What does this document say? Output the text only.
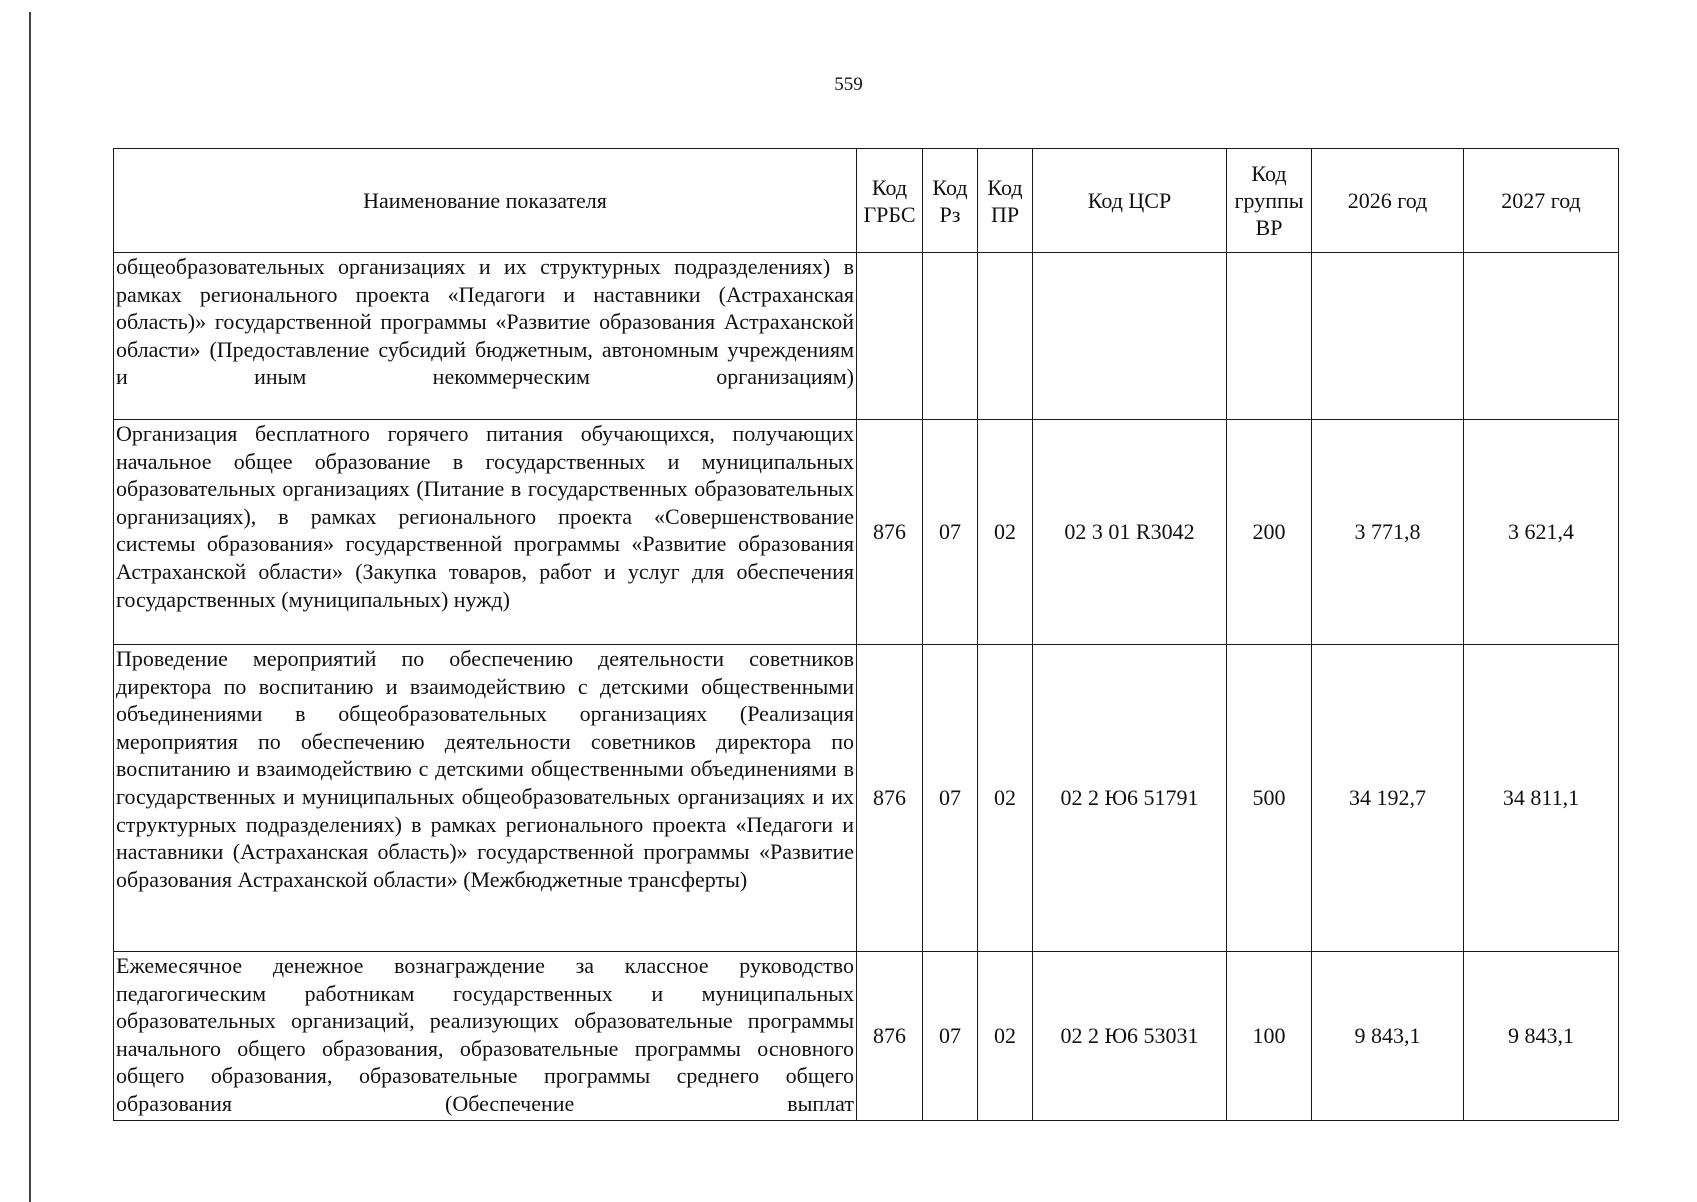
559
Наименование показателя	Код ГРБС	Код Рз	Код ПР	Код ЦСР	Код группы ВР	2026 год	2027 год
общеобразовательных организациях и их структурных подразделениях) в рамках регионального проекта «Педагоги и наставники (Астраханская область)» государственной программы «Развитие образования Астраханской области» (Предоставление субсидий бюджетным, автономным учреждениям и иным некоммерческим организациям)							
Организация бесплатного горячего питания обучающихся, получающих начальное общее образование в государственных и муниципальных образовательных организациях (Питание в государственных образовательных организациях), в рамках регионального проекта «Совершенствование системы образования» государственной программы «Развитие образования Астраханской области» (Закупка товаров, работ и услуг для обеспечения государственных (муниципальных) нужд)	876	07	02	02 3 01 R3042	200	3 771,8	3 621,4
Проведение мероприятий по обеспечению деятельности советников директора по воспитанию и взаимодействию с детскими общественными объединениями в общеобразовательных организациях (Реализация мероприятия по обеспечению деятельности советников директора по воспитанию и взаимодействию с детскими общественными объединениями в государственных и муниципальных общеобразовательных организациях и их структурных подразделениях) в рамках регионального проекта «Педагоги и наставники (Астраханская область)» государственной программы «Развитие образования Астраханской области» (Межбюджетные трансферты)	876	07	02	02 2 Ю6 51791	500	34 192,7	34 811,1
Ежемесячное денежное вознаграждение за классное руководство педагогическим работникам государственных и муниципальных образовательных организаций, реализующих образовательные программы начального общего образования, образовательные программы основного общего образования, образовательные программы среднего общего образования (Обеспечение выплат	876	07	02	02 2 Ю6 53031	100	9 843,1	9 843,1
